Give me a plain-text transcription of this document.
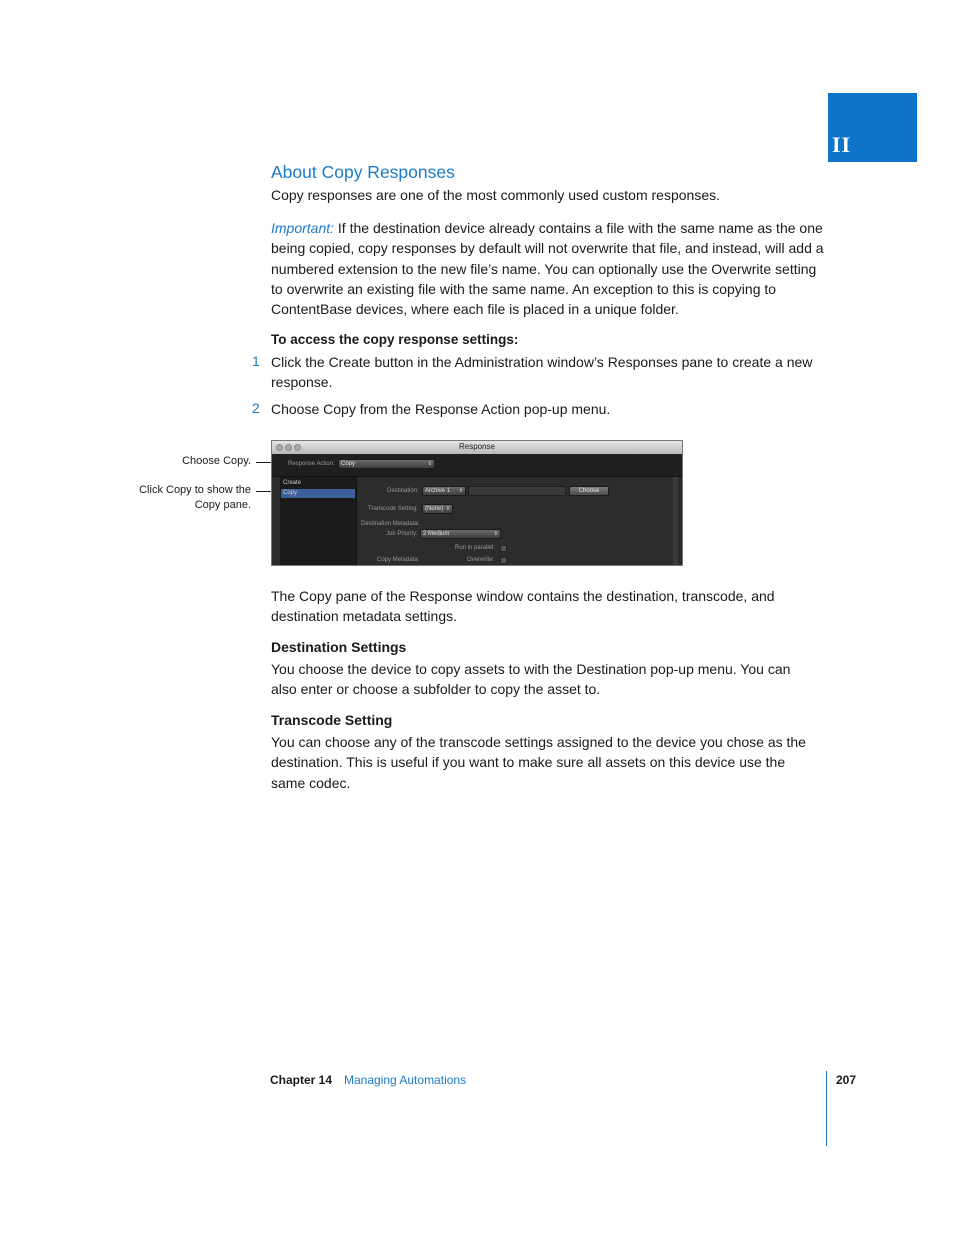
II
About Copy Responses
Copy responses are one of the most commonly used custom responses.
Important: If the destination device already contains a file with the same name as the one being copied, copy responses by default will not overwrite that file, and instead, will add a numbered extension to the new file’s name. You can optionally use the Overwrite setting to overwrite an existing file with the same name. An exception to this is copying to ContentBase devices, where each file is placed in a unique folder.
To access the copy response settings:
1 Click the Create button in the Administration window’s Responses pane to create a new response.
2 Choose Copy from the Response Action pop-up menu.
Choose Copy.
Click Copy to show the
Copy pane.
Response
Response Action:	Copy	⇕
Create
Copy	Destination:	Archive 1 ⇕	Choose
Transcode Setting:	(None) ⇕
Destination Metadata:
Job Priority: 2 Medium	⇕
Run in parallel:
Overwrite:
Copy Metadata:
The Copy pane of the Response window contains the destination, transcode, and destination metadata settings.
Destination Settings
You choose the device to copy assets to with the Destination pop-up menu. You can also enter or choose a subfolder to copy the asset to.
Transcode Setting
You can choose any of the transcode settings assigned to the device you chose as the destination. This is useful if you want to make sure all assets on this device use the same codec.
Chapter 14 Managing Automations	207
